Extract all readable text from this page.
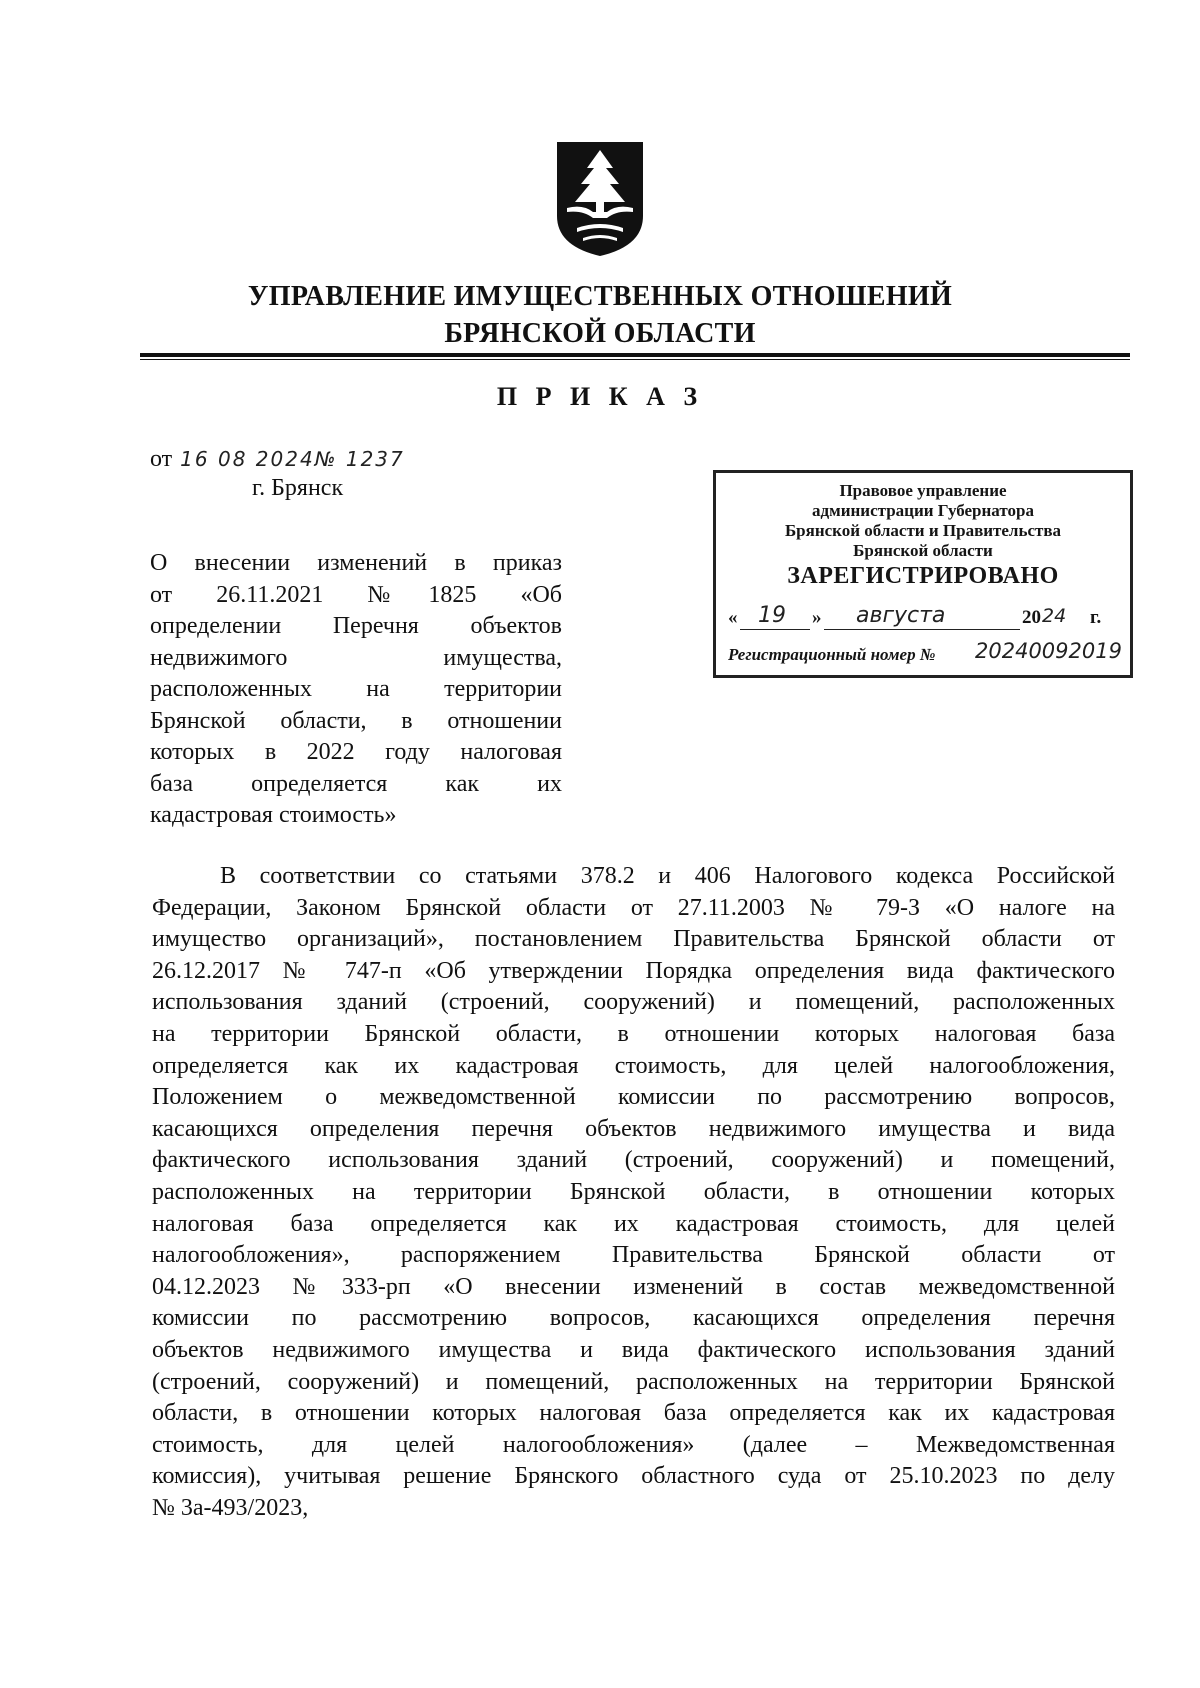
УПРАВЛЕНИЕ ИМУЩЕСТВЕННЫХ ОТНОШЕНИЙ
БРЯНСКОЙ ОБЛАСТИ
П Р И К А З
от 16 08 2024№ 1237
г. Брянск	Правовое управление
администрации Губернатора
Брянской области и Правительства
Брянской области
ЗАРЕГИСТРИРОВАНО
« 19 » августа	20 24 г.
Регистрационный номер № 20240092019
О внесении изменений в приказ
от 26.11.2021 №1825 «Об
определении Перечня объектов
недвижимого имущества,
расположенных на территории
Брянской области, в отношении
которых в 2022 году налоговая
база определяется как их
кадастровая стоимость»
В соответствии со статьями 378.2 и 406 Налогового кодекса Российской
Федерации, Законом Брянской области от 27.11.2003 № 79-З «О налоге на
имущество организаций», постановлением Правительства Брянской области от
26.12.2017 № 747-п «Об утверждении Порядка определения вида фактического
использования зданий (строений, сооружений) и помещений, расположенных
на территории Брянской области, в отношении которых налоговая база
определяется как их кадастровая стоимость, для целей налогообложения,
Положением о межведомственной комиссии по рассмотрению вопросов,
касающихся определения перечня объектов недвижимого имущества и вида
фактического использования зданий (строений, сооружений) и помещений,
расположенных на территории Брянской области, в отношении которых
налоговая база определяется как их кадастровая стоимость, для целей
налогообложения», распоряжением Правительства Брянской области от
04.12.2023 №333-рп «О внесении изменений в состав межведомственной
комиссии по рассмотрению вопросов, касающихся определения перечня
объектов недвижимого имущества и вида фактического использования зданий
(строений, сооружений) и помещений, расположенных на территории Брянской
области, в отношении которых налоговая база определяется как их кадастровая
стоимость, для целей налогообложения» (далее – Межведомственная
комиссия), учитывая решение Брянского областного суда от 25.10.2023 по делу
№ 3а-493/2023,
